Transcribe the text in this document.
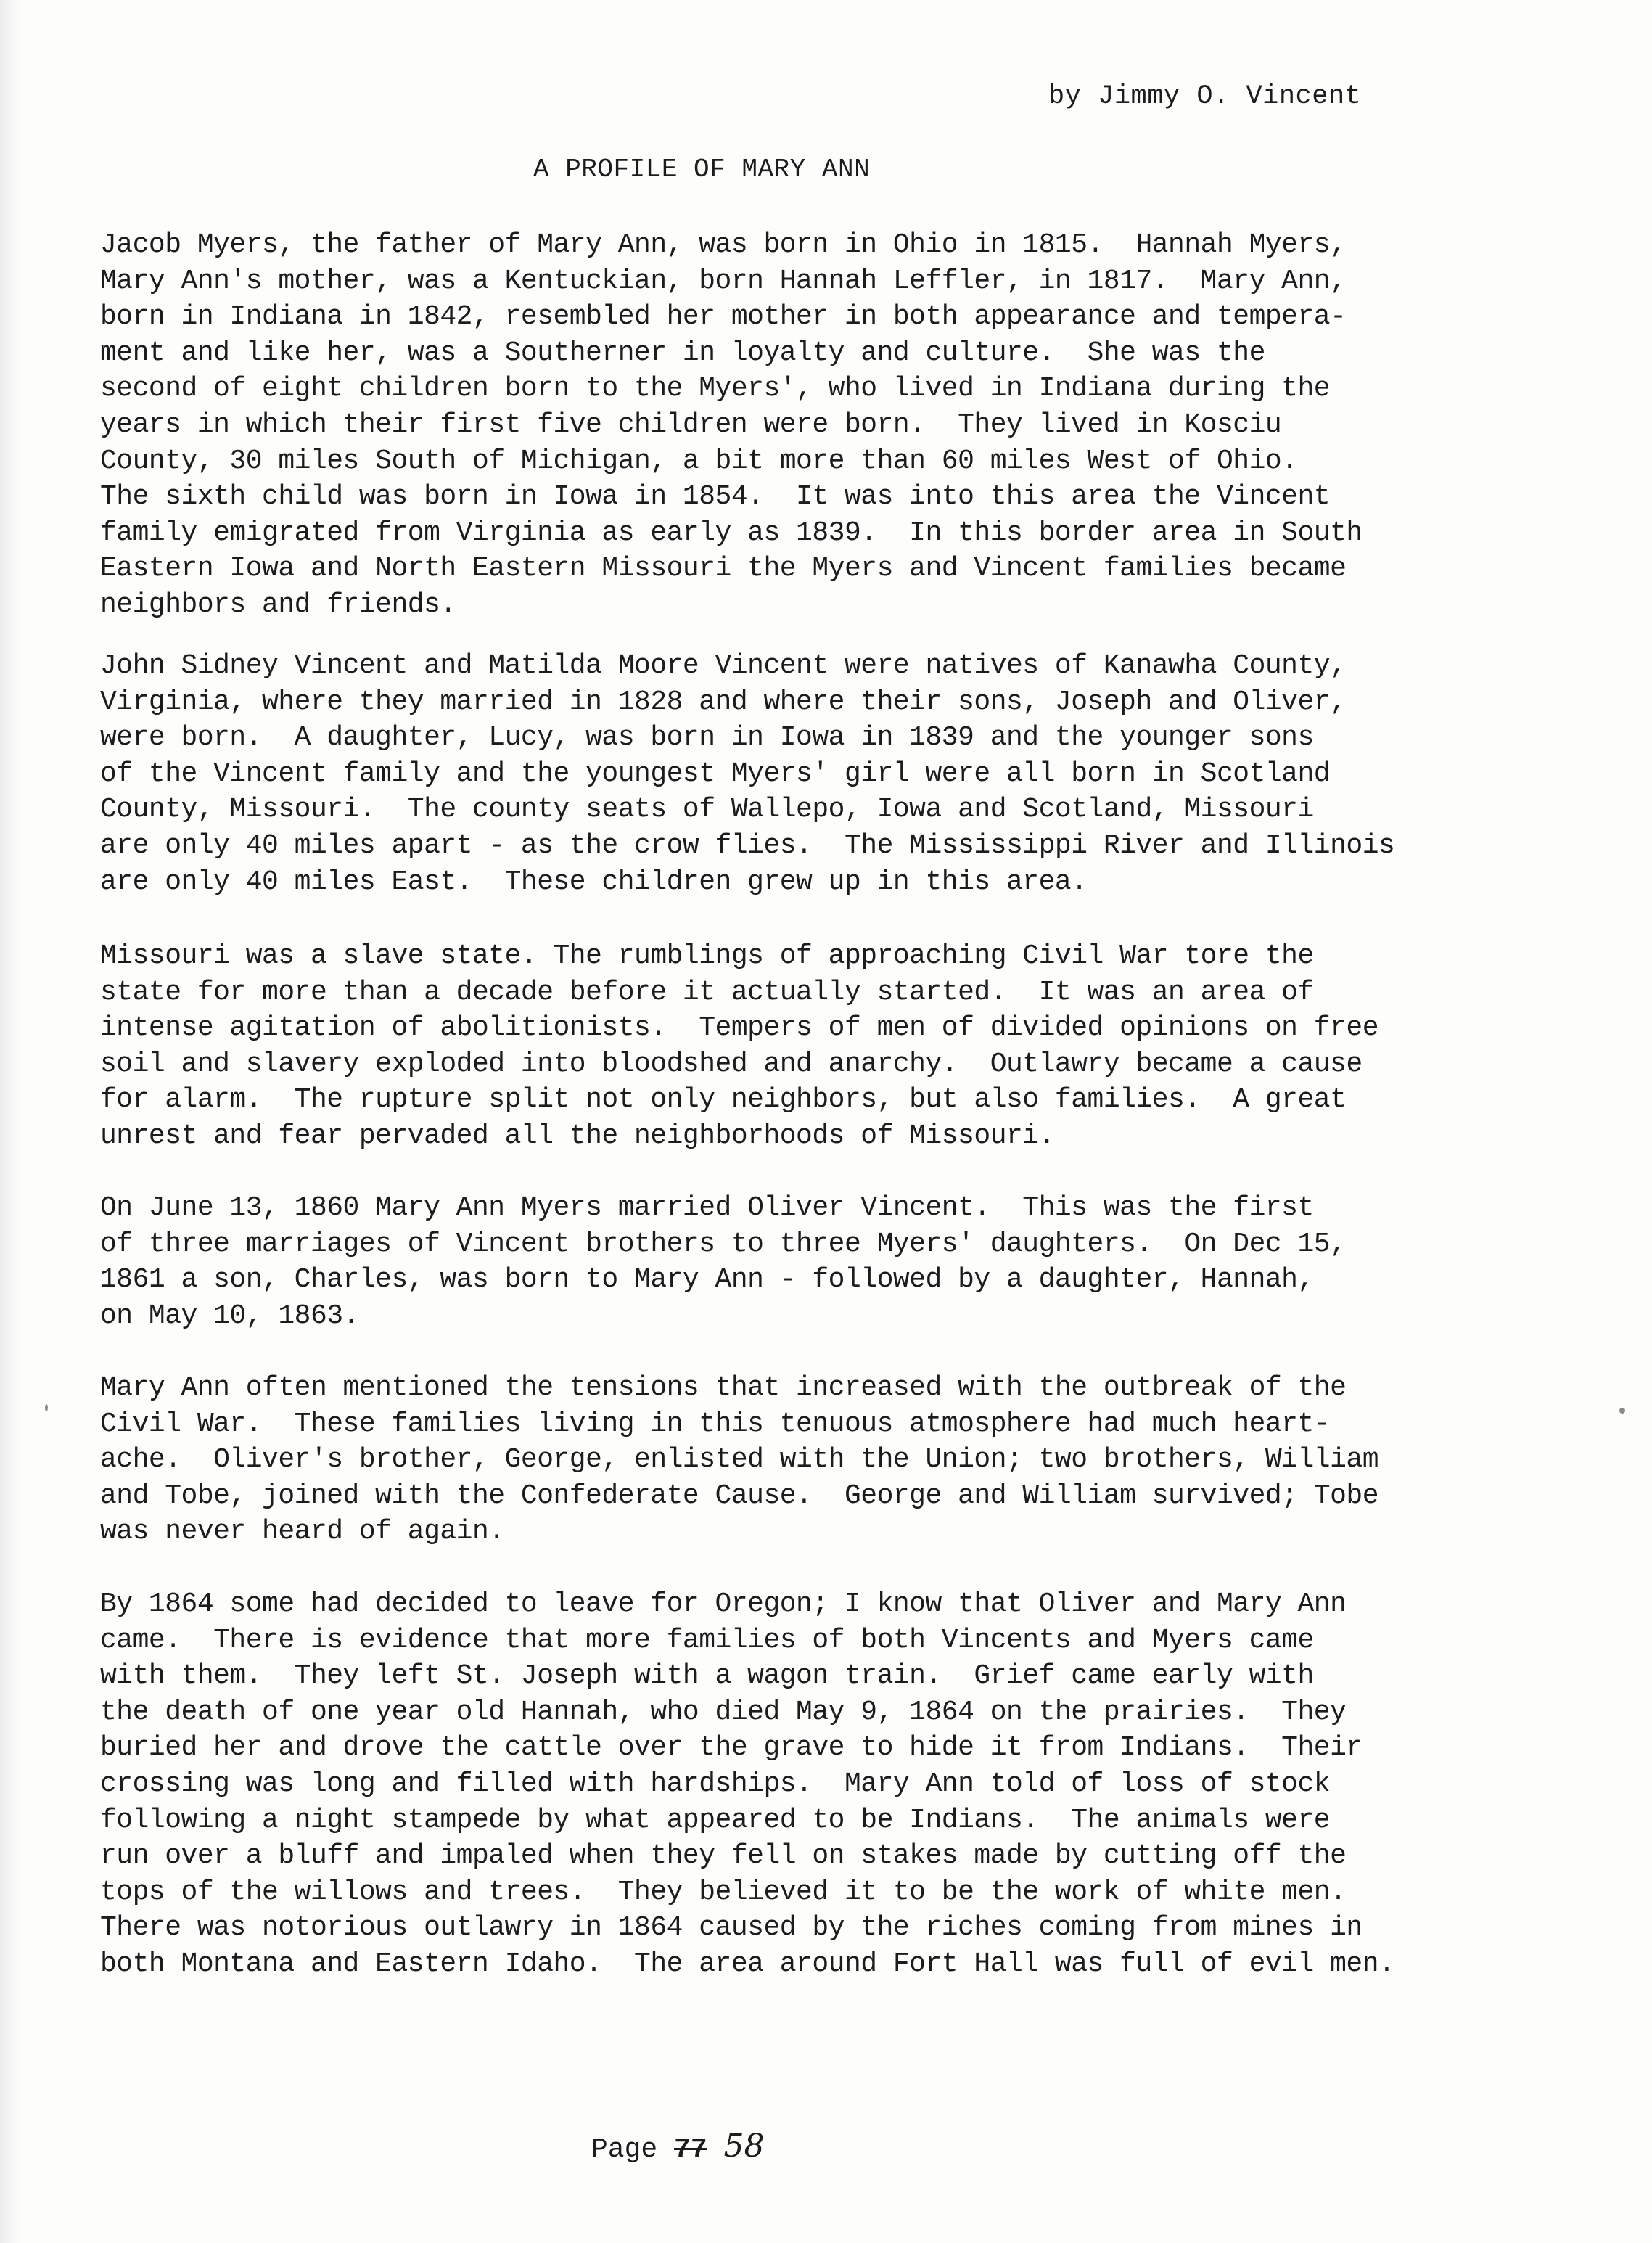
by Jimmy O. Vincent
A PROFILE OF MARY ANN
Jacob Myers, the father of Mary Ann, was born in Ohio in 1815.  Hannah Myers,
Mary Ann's mother, was a Kentuckian, born Hannah Leffler, in 1817.  Mary Ann,
born in Indiana in 1842, resembled her mother in both appearance and tempera-
ment and like her, was a Southerner in loyalty and culture.  She was the
second of eight children born to the Myers', who lived in Indiana during the
years in which their first five children were born.  They lived in Kosciu
County, 30 miles South of Michigan, a bit more than 60 miles West of Ohio.
The sixth child was born in Iowa in 1854.  It was into this area the Vincent
family emigrated from Virginia as early as 1839.  In this border area in South
Eastern Iowa and North Eastern Missouri the Myers and Vincent families became
neighbors and friends.
John Sidney Vincent and Matilda Moore Vincent were natives of Kanawha County,
Virginia, where they married in 1828 and where their sons, Joseph and Oliver,
were born.  A daughter, Lucy, was born in Iowa in 1839 and the younger sons
of the Vincent family and the youngest Myers' girl were all born in Scotland
County, Missouri.  The county seats of Wallepo, Iowa and Scotland, Missouri
are only 40 miles apart - as the crow flies.  The Mississippi River and Illinois
are only 40 miles East.  These children grew up in this area.
Missouri was a slave state. The rumblings of approaching Civil War tore the
state for more than a decade before it actually started.  It was an area of
intense agitation of abolitionists.  Tempers of men of divided opinions on free
soil and slavery exploded into bloodshed and anarchy.  Outlawry became a cause
for alarm.  The rupture split not only neighbors, but also families.  A great
unrest and fear pervaded all the neighborhoods of Missouri.
On June 13, 1860 Mary Ann Myers married Oliver Vincent.  This was the first
of three marriages of Vincent brothers to three Myers' daughters.  On Dec 15,
1861 a son, Charles, was born to Mary Ann - followed by a daughter, Hannah,
on May 10, 1863.
Mary Ann often mentioned the tensions that increased with the outbreak of the
Civil War.  These families living in this tenuous atmosphere had much heart-
ache.  Oliver's brother, George, enlisted with the Union; two brothers, William
and Tobe, joined with the Confederate Cause.  George and William survived; Tobe
was never heard of again.
By 1864 some had decided to leave for Oregon; I know that Oliver and Mary Ann
came.  There is evidence that more families of both Vincents and Myers came
with them.  They left St. Joseph with a wagon train.  Grief came early with
the death of one year old Hannah, who died May 9, 1864 on the prairies.  They
buried her and drove the cattle over the grave to hide it from Indians.  Their
crossing was long and filled with hardships.  Mary Ann told of loss of stock
following a night stampede by what appeared to be Indians.  The animals were
run over a bluff and impaled when they fell on stakes made by cutting off the
tops of the willows and trees.  They believed it to be the work of white men.
There was notorious outlawry in 1864 caused by the riches coming from mines in
both Montana and Eastern Idaho.  The area around Fort Hall was full of evil men.
Page 77 58
